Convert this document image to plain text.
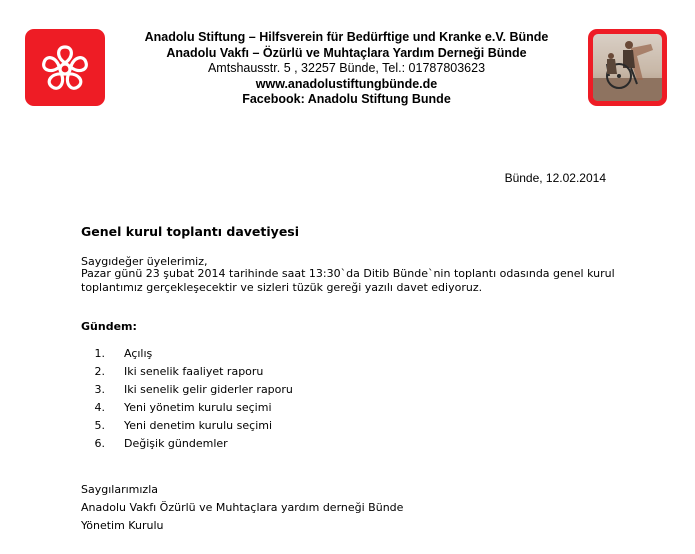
Anadolu Stiftung – Hilfsverein für Bedürftige und Kranke e.V. Bünde
Anadolu Vakfı – Özürlü ve Muhtaçlara Yardım Derneği Bünde
Amtshausstr. 5 , 32257 Bünde, Tel.: 01787803623
www.anadolustiftungbünde.de
Facebook: Anadolu Stiftung Bunde
Bünde, 12.02.2014
Genel kurul toplantı davetiyesi
Saygıdeğer üyelerimiz,
Pazar günü 23 şubat 2014 tarihinde saat 13:30`da Ditib Bünde`nin toplantı odasında genel kurul
toplantımız gerçekleşecektir ve sizleri tüzük gereği yazılı davet ediyoruz.
Gündem:
1. Açılış
2. Iki senelik faaliyet raporu
3. Iki senelik gelir giderler raporu
4. Yeni yönetim kurulu seçimi
5. Yeni denetim kurulu seçimi
6. Değişik gündemler
Saygılarımızla
Anadolu Vakfı Özürlü ve Muhtaçlara yardım derneği Bünde
Yönetim Kurulu
